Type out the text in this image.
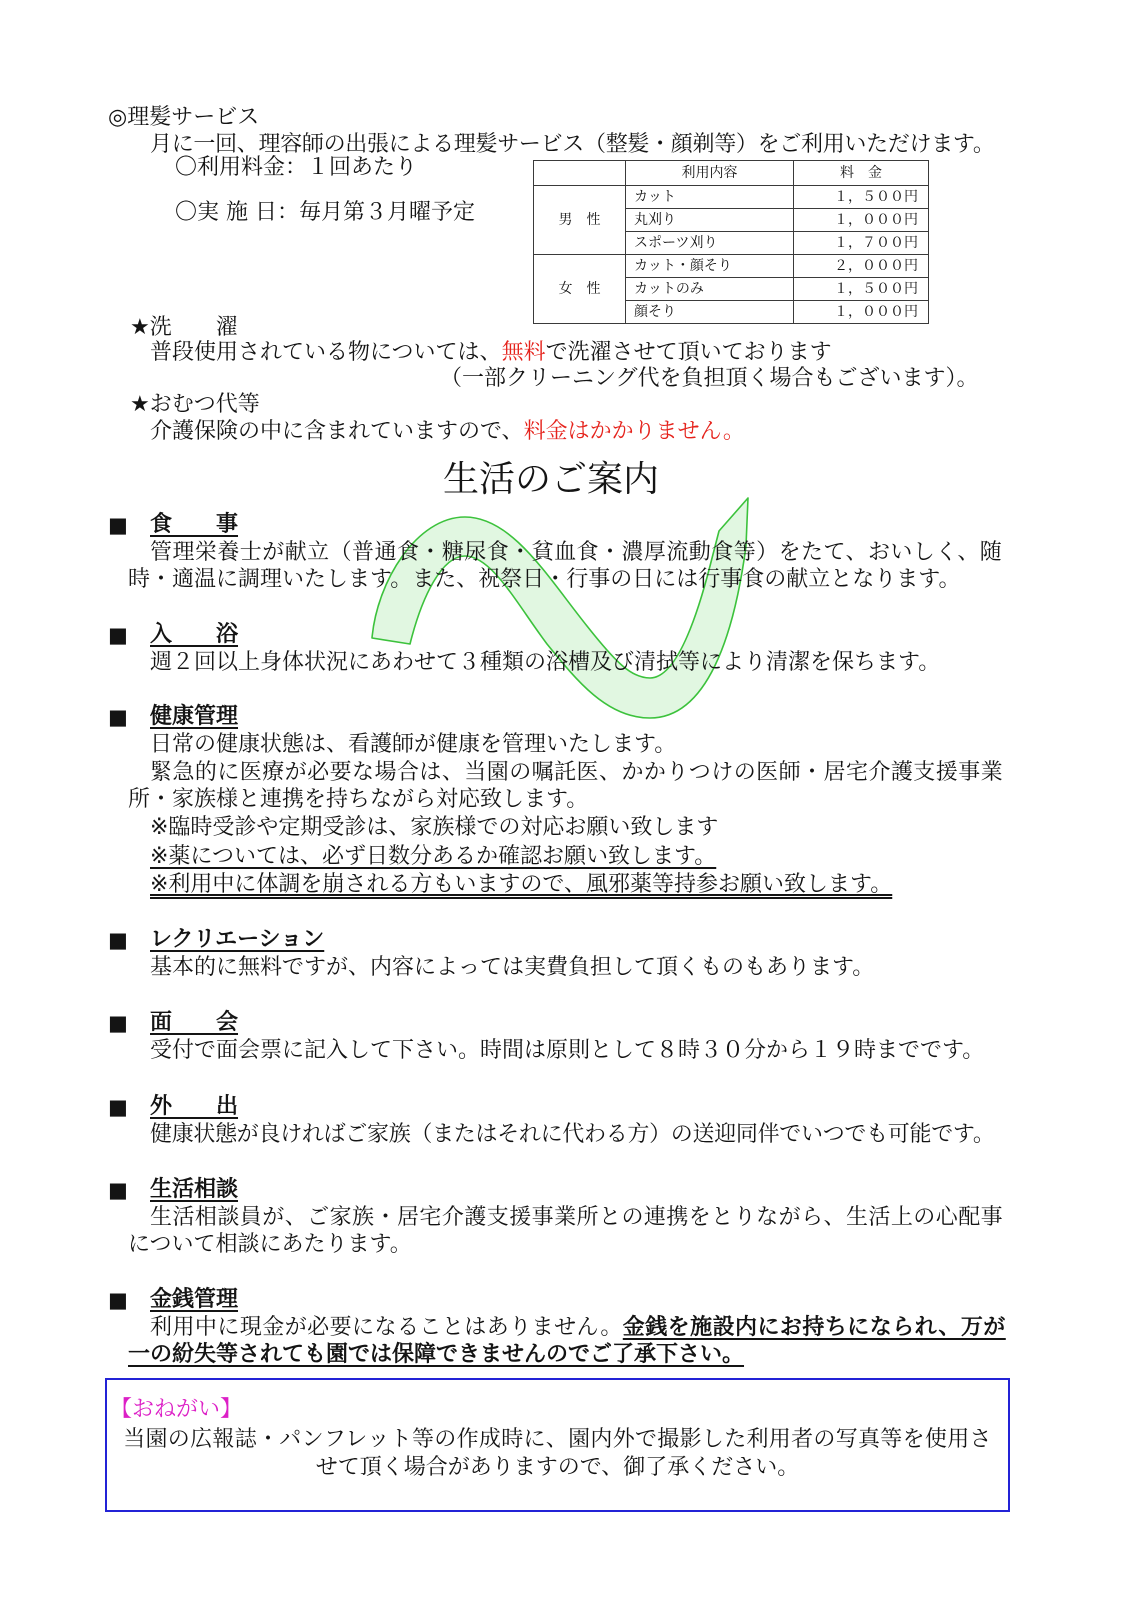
◎理髪サービス
月に一回、理容師の出張による理髪サービス（整髪・顔剃等）をご利用いただけます。
〇利用料金：１回あたり
〇実 施 日：毎月第３月曜予定
	利用内容	料　金
男　性	カット	１，５００円
	丸刈り	１，０００円
	スポーツ刈り	１，７００円
女　性	カット・顔そり	２，０００円
	カットのみ	１，５００円
	顔そり	１，０００円
★洗　　濯
普段使用されている物については、無料で洗濯させて頂いております
（一部クリーニング代を負担頂く場合もございます）。
★おむつ代等
介護保険の中に含まれていますので、料金はかかりません。
生活のご案内
■ 食　　事
管理栄養士が献立（普通食・糖尿食・貧血食・濃厚流動食等）をたて、おいしく、随
時・適温に調理いたします。また、祝祭日・行事の日には行事食の献立となります。
■ 入　　浴
週２回以上身体状況にあわせて３種類の浴槽及び清拭等により清潔を保ちます。
■ 健康管理
日常の健康状態は、看護師が健康を管理いたします。
緊急的に医療が必要な場合は、当園の嘱託医、かかりつけの医師・居宅介護支援事業
所・家族様と連携を持ちながら対応致します。
※臨時受診や定期受診は、家族様での対応お願い致します
※薬については、必ず日数分あるか確認お願い致します。
※利用中に体調を崩される方もいますので、風邪薬等持参お願い致します。
■ レクリエーション
基本的に無料ですが、内容によっては実費負担して頂くものもあります。
■ 面　　会
受付で面会票に記入して下さい。時間は原則として８時３０分から１９時までです。
■ 外　　出
健康状態が良ければご家族（またはそれに代わる方）の送迎同伴でいつでも可能です。
■ 生活相談
生活相談員が、ご家族・居宅介護支援事業所との連携をとりながら、生活上の心配事
について相談にあたります。
■ 金銭管理
利用中に現金が必要になることはありません。金銭を施設内にお持ちになられ、万が
一の紛失等されても園では保障できませんのでご了承下さい。
【おねがい】
当園の広報誌・パンフレット等の作成時に、園内外で撮影した利用者の写真等を使用さ
せて頂く場合がありますので、御了承ください。
